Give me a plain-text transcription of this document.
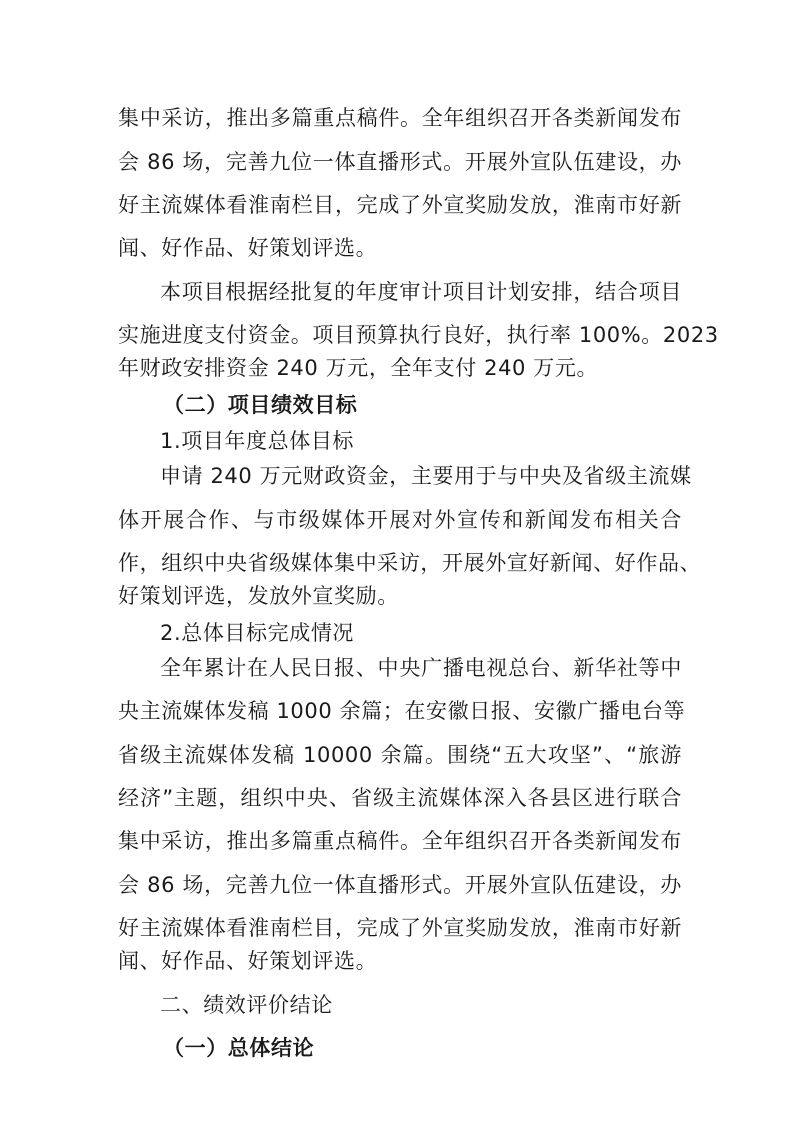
集中采访，推出多篇重点稿件。全年组织召开各类新闻发布
会 86 场，完善九位一体直播形式。开展外宣队伍建设，办
好主流媒体看淮南栏目，完成了外宣奖励发放，淮南市好新
闻、好作品、好策划评选。
本项目根据经批复的年度审计项目计划安排，结合项目
实施进度支付资金。项目预算执行良好，执行率 100%。2023
年财政安排资金 240 万元，全年支付 240 万元。
（二）项目绩效目标
1.项目年度总体目标
申请 240 万元财政资金，主要用于与中央及省级主流媒
体开展合作、与市级媒体开展对外宣传和新闻发布相关合
作，组织中央省级媒体集中采访，开展外宣好新闻、好作品、
好策划评选，发放外宣奖励。
2.总体目标完成情况
全年累计在人民日报、中央广播电视总台、新华社等中
央主流媒体发稿 1000 余篇；在安徽日报、安徽广播电台等
省级主流媒体发稿 10000 余篇。围绕“五大攻坚”、“旅游
经济”主题，组织中央、省级主流媒体深入各县区进行联合
集中采访，推出多篇重点稿件。全年组织召开各类新闻发布
会 86 场，完善九位一体直播形式。开展外宣队伍建设，办
好主流媒体看淮南栏目，完成了外宣奖励发放，淮南市好新
闻、好作品、好策划评选。
二、绩效评价结论
（一）总体结论
